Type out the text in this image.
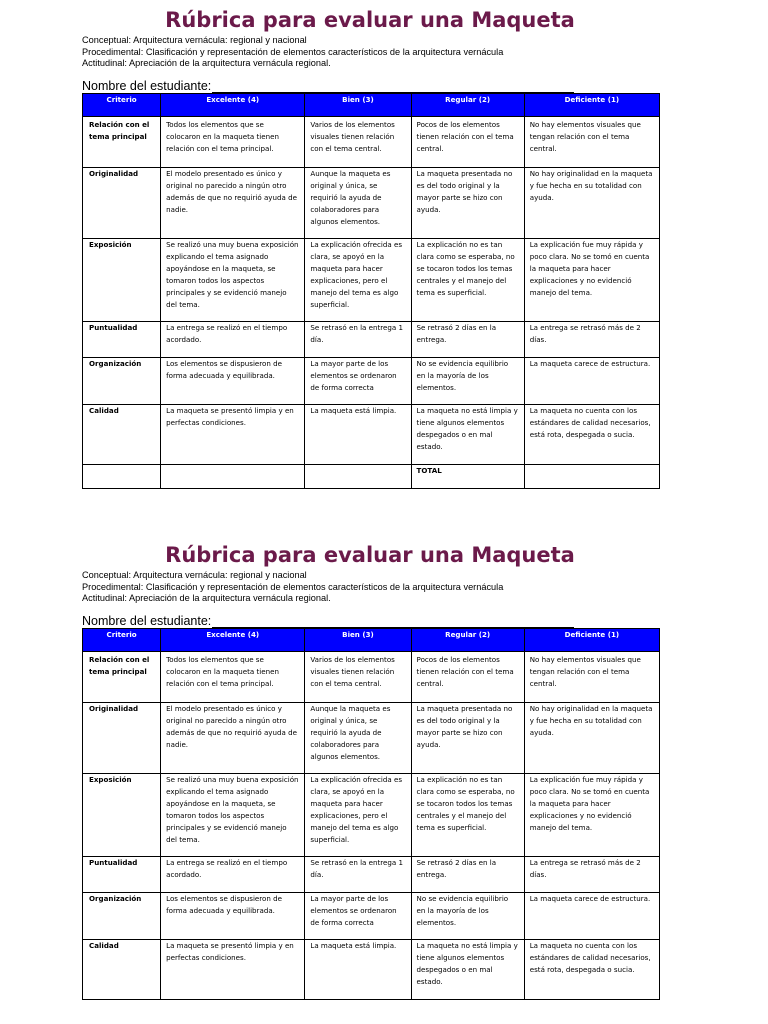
Rúbrica para evaluar una Maqueta
Conceptual: Arquitectura vernácula: regional y nacional
Procedimental: Clasificación y representación de elementos característicos de la arquitectura vernácula
Actitudinal: Apreciación de la arquitectura vernácula regional.
Nombre del estudiante:
Criterio	Excelente (4)	Bien (3)	Regular (2)	Deficiente (1)
Relación con el tema principal	Todos los elementos que se colocaron en la maqueta tienen relación con el tema principal.	Varios de los elementos visuales tienen relación con el tema central.	Pocos de los elementos tienen relación con el tema central.	No hay elementos visuales que tengan relación con el tema central.
Originalidad	El modelo presentado es único y original no parecido a ningún otro además de que no requirió ayuda de nadie.	Aunque la maqueta es original y única, se requirió la ayuda de colaboradores para algunos elementos.	La maqueta presentada no es del todo original y la mayor parte se hizo con ayuda.	No hay originalidad en la maqueta y fue hecha en su totalidad con ayuda.
Exposición	Se realizó una muy buena exposición explicando el tema asignado apoyándose en la maqueta, se tomaron todos los aspectos principales y se evidenció manejo del tema.	La explicación ofrecida es clara, se apoyó en la maqueta para hacer explicaciones, pero el manejo del tema es algo superficial.	La explicación no es tan clara como se esperaba, no se tocaron todos los temas centrales y el manejo del tema es superficial.	La explicación fue muy rápida y poco clara. No se tomó en cuenta la maqueta para hacer explicaciones y no evidenció manejo del tema.
Puntualidad	La entrega se realizó en el tiempo acordado.	Se retrasó en la entrega 1 día.	Se retrasó 2 días en la entrega.	La entrega se retrasó más de 2 días.
Organización	Los elementos se dispusieron de forma adecuada y equilibrada.	La mayor parte de los elementos se ordenaron de forma correcta	No se evidencia equilibrio en la mayoría de los elementos.	La maqueta carece de estructura.
Calidad	La maqueta se presentó limpia y en perfectas condiciones.	La maqueta está limpia.	La maqueta no está limpia y tiene algunos elementos despegados o en mal estado.	La maqueta no cuenta con los estándares de calidad necesarios, está rota, despegada o sucia.
			TOTAL	
Rúbrica para evaluar una Maqueta
Conceptual: Arquitectura vernácula: regional y nacional
Procedimental: Clasificación y representación de elementos característicos de la arquitectura vernácula
Actitudinal: Apreciación de la arquitectura vernácula regional.
Nombre del estudiante:
Criterio	Excelente (4)	Bien (3)	Regular (2)	Deficiente (1)
Relación con el tema principal	Todos los elementos que se colocaron en la maqueta tienen relación con el tema principal.	Varios de los elementos visuales tienen relación con el tema central.	Pocos de los elementos tienen relación con el tema central.	No hay elementos visuales que tengan relación con el tema central.
Originalidad	El modelo presentado es único y original no parecido a ningún otro además de que no requirió ayuda de nadie.	Aunque la maqueta es original y única, se requirió la ayuda de colaboradores para algunos elementos.	La maqueta presentada no es del todo original y la mayor parte se hizo con ayuda.	No hay originalidad en la maqueta y fue hecha en su totalidad con ayuda.
Exposición	Se realizó una muy buena exposición explicando el tema asignado apoyándose en la maqueta, se tomaron todos los aspectos principales y se evidenció manejo del tema.	La explicación ofrecida es clara, se apoyó en la maqueta para hacer explicaciones, pero el manejo del tema es algo superficial.	La explicación no es tan clara como se esperaba, no se tocaron todos los temas centrales y el manejo del tema es superficial.	La explicación fue muy rápida y poco clara. No se tomó en cuenta la maqueta para hacer explicaciones y no evidenció manejo del tema.
Puntualidad	La entrega se realizó en el tiempo acordado.	Se retrasó en la entrega 1 día.	Se retrasó 2 días en la entrega.	La entrega se retrasó más de 2 días.
Organización	Los elementos se dispusieron de forma adecuada y equilibrada.	La mayor parte de los elementos se ordenaron de forma correcta	No se evidencia equilibrio en la mayoría de los elementos.	La maqueta carece de estructura.
Calidad	La maqueta se presentó limpia y en perfectas condiciones.	La maqueta está limpia.	La maqueta no está limpia y tiene algunos elementos despegados o en mal estado.	La maqueta no cuenta con los estándares de calidad necesarios, está rota, despegada o sucia.
